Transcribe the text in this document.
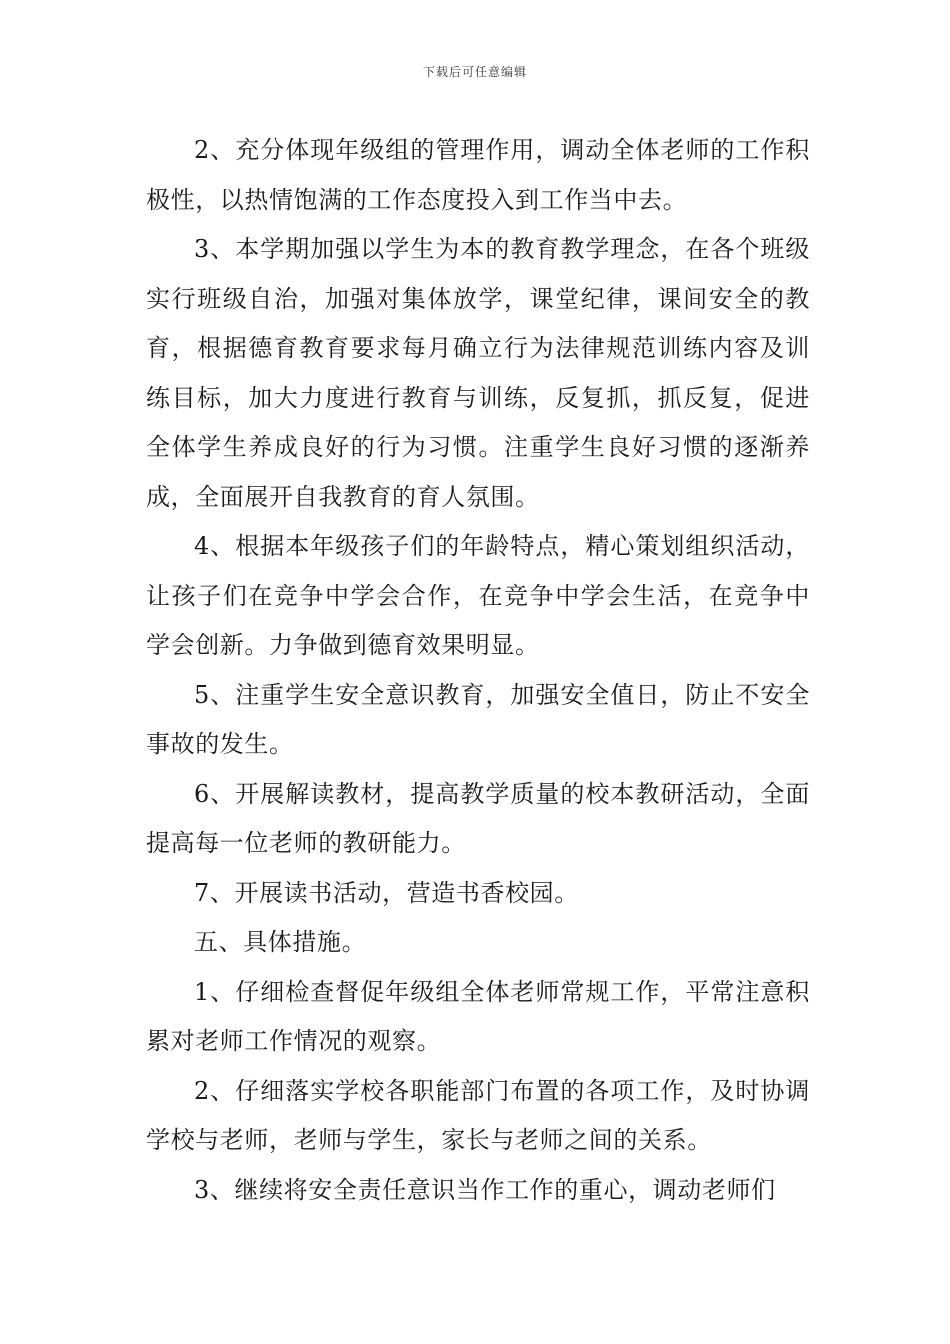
下载后可任意编辑

2、充分体现年级组的管理作用，调动全体老师的工作积极性，以热情饱满的工作态度投入到工作当中去。

3、本学期加强以学生为本的教育教学理念，在各个班级实行班级自治，加强对集体放学，课堂纪律，课间安全的教育，根据德育教育要求每月确立行为法律规范训练内容及训练目标，加大力度进行教育与训练，反复抓，抓反复，促进全体学生养成良好的行为习惯。注重学生良好习惯的逐渐养成，全面展开自我教育的育人氛围。

4、根据本年级孩子们的年龄特点，精心策划组织活动，让孩子们在竞争中学会合作，在竞争中学会生活，在竞争中学会创新。力争做到德育效果明显。

5、注重学生安全意识教育，加强安全值日，防止不安全事故的发生。

6、开展解读教材，提高教学质量的校本教研活动，全面提高每一位老师的教研能力。

7、开展读书活动，营造书香校园。

五、具体措施。

1、仔细检查督促年级组全体老师常规工作，平常注意积累对老师工作情况的观察。

2、仔细落实学校各职能部门布置的各项工作，及时协调学校与老师，老师与学生，家长与老师之间的关系。

3、继续将安全责任意识当作工作的重心，调动老师们
